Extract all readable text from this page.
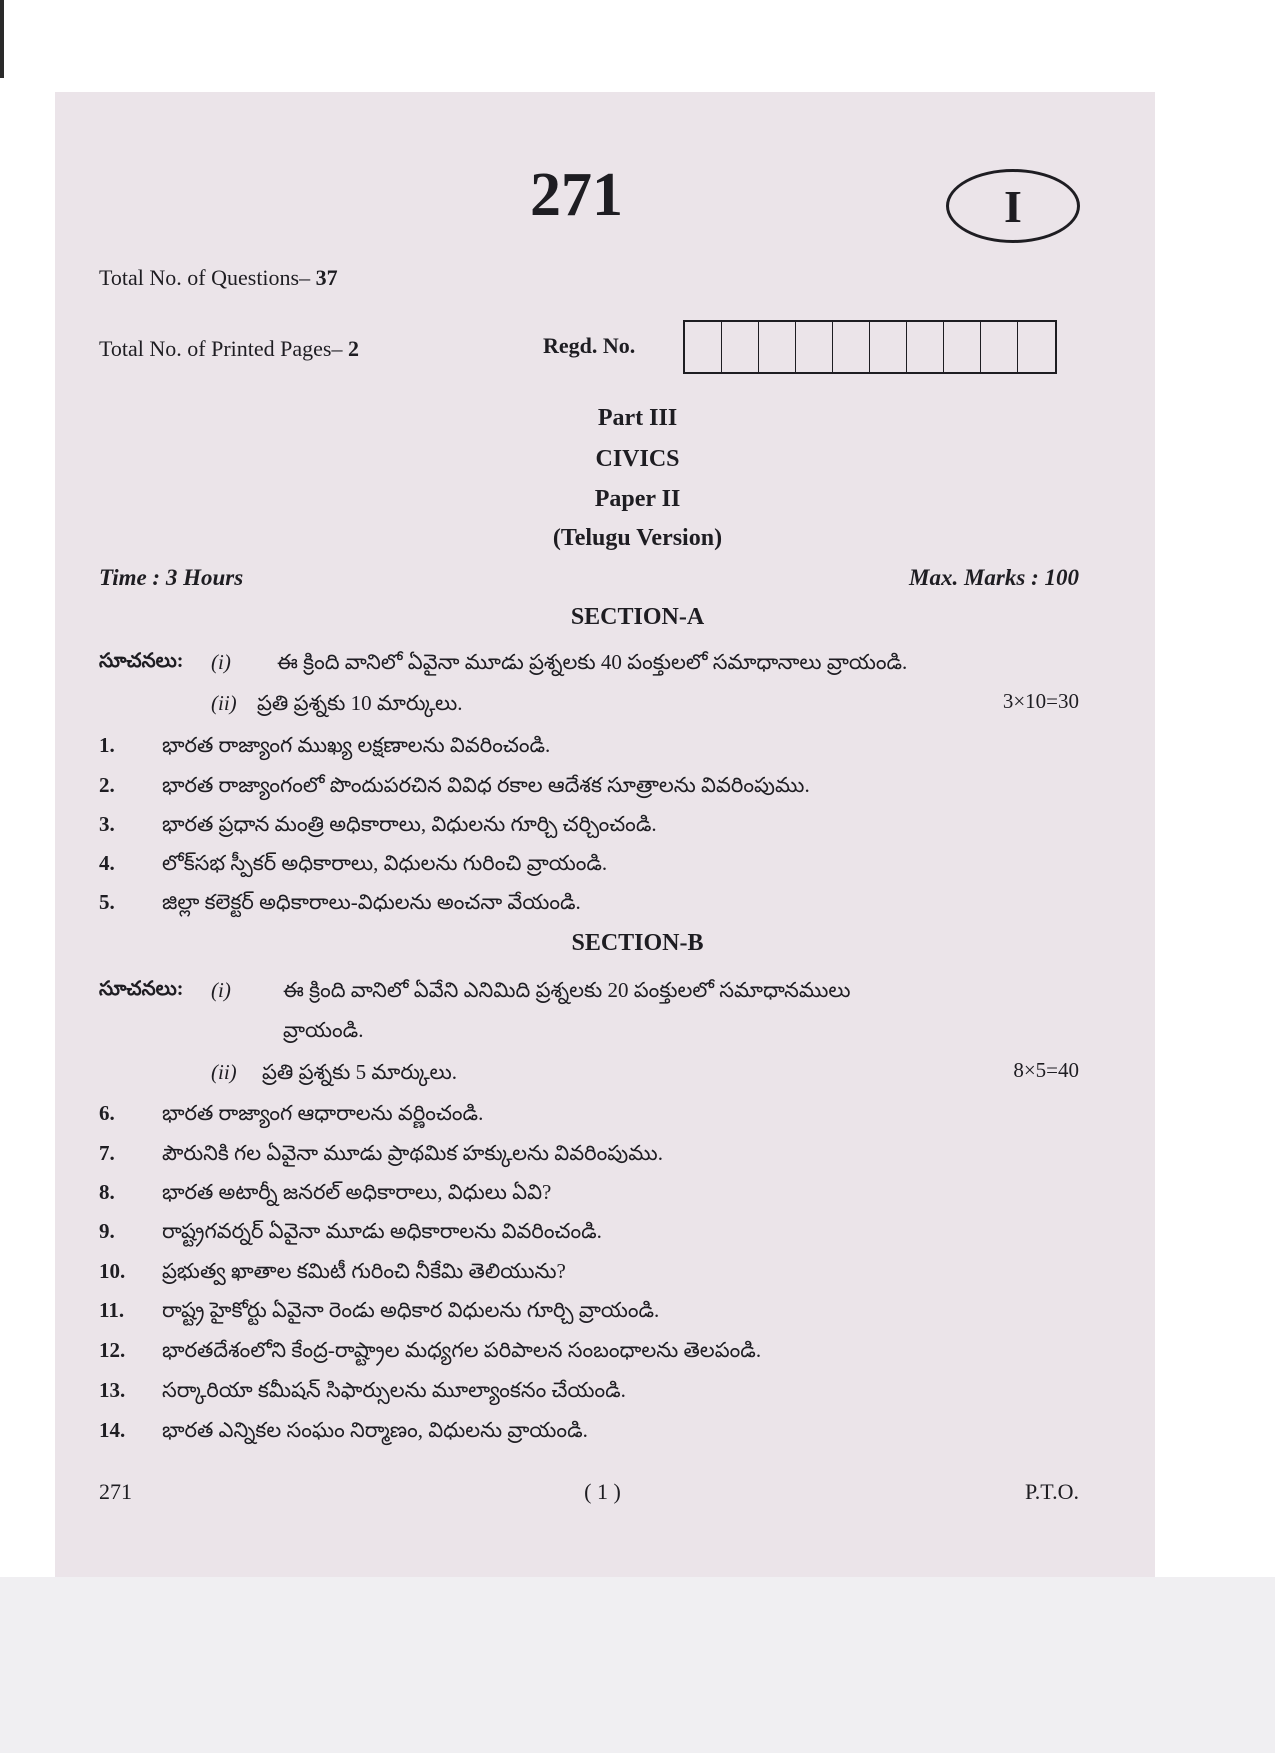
271	I
Total No. of Questions– 37
Total No. of Printed Pages– 2	Regd. No.
Part III
CIVICS
Paper II
(Telugu Version)
Time : 3 Hours	Max. Marks : 100
SECTION-A
సూచనలు: (i) ఈ క్రింది వానిలో ఏవైనా మూడు ప్రశ్నలకు 40 పంక్తులలో సమాధానాలు వ్రాయండి.
(ii) ప్రతి ప్రశ్నకు 10 మార్కులు.	3×10=30
1. భారత రాజ్యాంగ ముఖ్య లక్షణాలను వివరించండి.
2. భారత రాజ్యాంగంలో పొందుపరచిన వివిధ రకాల ఆదేశక సూత్రాలను వివరింపుము.
3. భారత ప్రధాన మంత్రి అధికారాలు, విధులను గూర్చి చర్చించండి.
4. లోక్‌సభ స్పీకర్ అధికారాలు, విధులను గురించి వ్రాయండి.
5. జిల్లా కలెక్టర్ అధికారాలు-విధులను అంచనా వేయండి.
SECTION-B
సూచనలు: (i) ఈ క్రింది వానిలో ఏవేని ఎనిమిది ప్రశ్నలకు 20 పంక్తులలో సమాధానములు
వ్రాయండి.
(ii) ప్రతి ప్రశ్నకు 5 మార్కులు.	8×5=40
6. భారత రాజ్యాంగ ఆధారాలను వర్ణించండి.
7. పౌరునికి గల ఏవైనా మూడు ప్రాథమిక హక్కులను వివరింపుము.
8. భారత అటార్నీ జనరల్ అధికారాలు, విధులు ఏవి?
9. రాష్ట్రగవర్నర్ ఏవైనా మూడు అధికారాలను వివరించండి.
10. ప్రభుత్వ ఖాతాల కమిటీ గురించి నీకేమి తెలియును?
11. రాష్ట్ర హైకోర్టు ఏవైనా రెండు అధికార విధులను గూర్చి వ్రాయండి.
12. భారతదేశంలోని కేంద్ర-రాష్ట్రాల మధ్యగల పరిపాలన సంబంధాలను తెలపండి.
13. సర్కారియా కమీషన్ సిఫార్సులను మూల్యాంకనం చేయండి.
14. భారత ఎన్నికల సంఘం నిర్మాణం, విధులను వ్రాయండి.
271	( 1 )	P.T.O.
